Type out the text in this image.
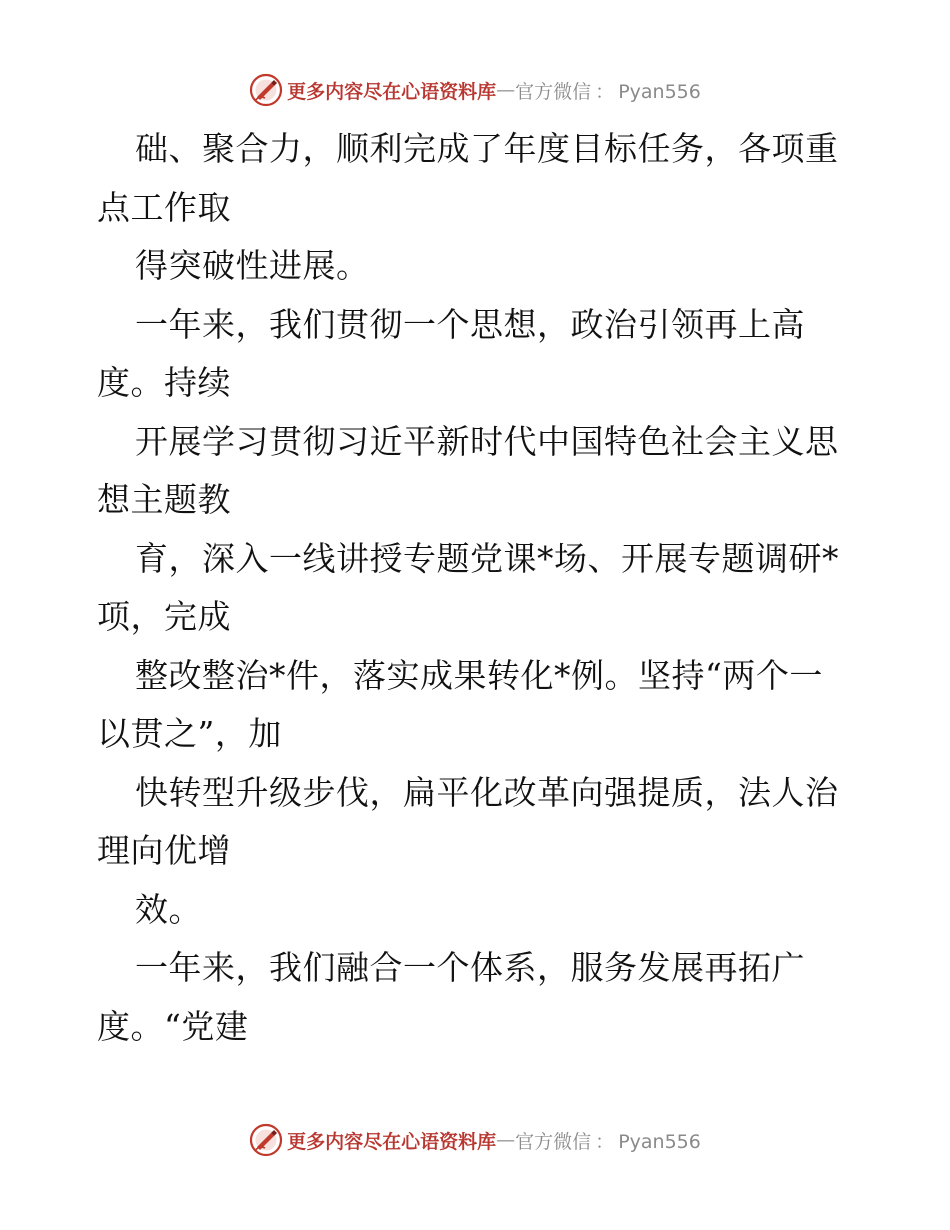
更多内容尽在心语资料库 — 官方微信 ： Pyan556
础、聚合力，顺利完成了年度目标任务，各项重
点工作取
得突破性进展。
一年来，我们贯彻一个思想，政治引领再上高
度。持续
开展学习贯彻习近平新时代中国特色社会主义思
想主题教
育，深入一线讲授专题党课*场、开展专题调研*
项，完成
整改整治*件，落实成果转化*例。坚持“两个一
以贯之”，加
快转型升级步伐，扁平化改革向强提质，法人治
理向优增
效。
一年来，我们融合一个体系，服务发展再拓广
度。“党建
更多内容尽在心语资料库 — 官方微信 ： Pyan556
